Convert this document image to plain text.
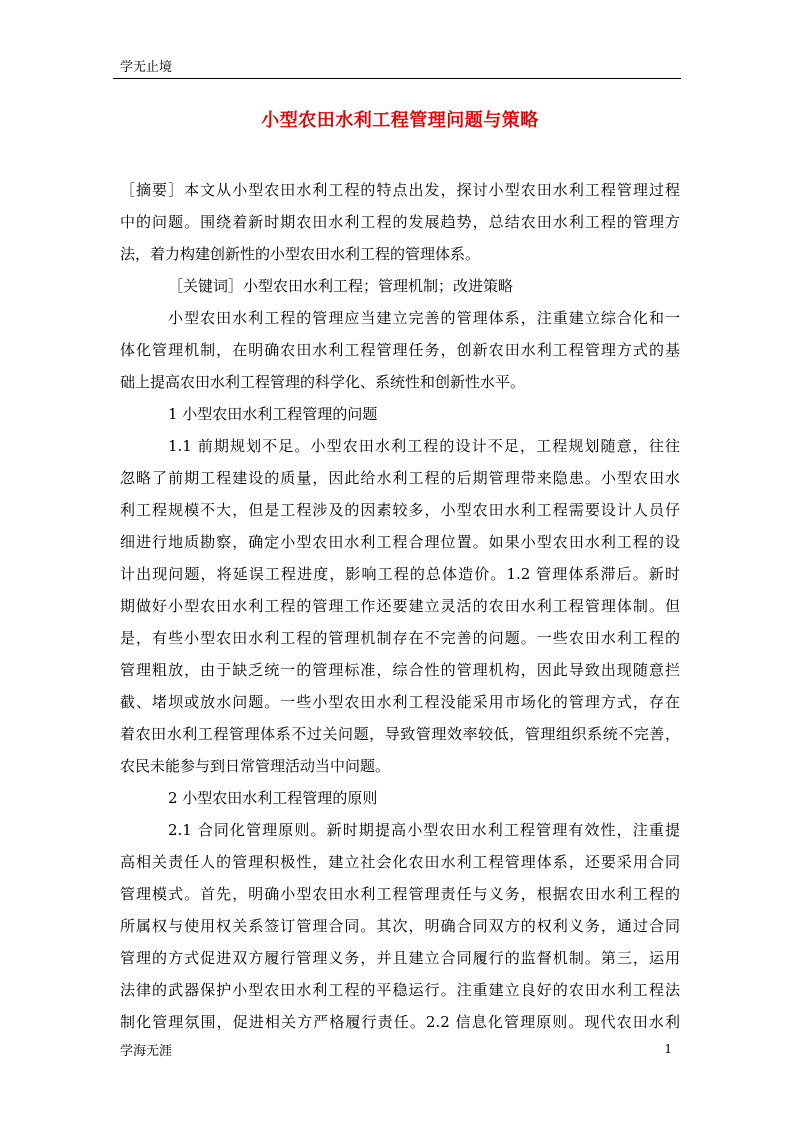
学无止境
小型农田水利工程管理问题与策略
［摘要］本文从小型农田水利工程的特点出发，探讨小型农田水利工程管理过程
中的问题。围绕着新时期农田水利工程的发展趋势，总结农田水利工程的管理方
法，着力构建创新性的小型农田水利工程的管理体系。
［关键词］小型农田水利工程；管理机制；改进策略
小型农田水利工程的管理应当建立完善的管理体系，注重建立综合化和一
体化管理机制，在明确农田水利工程管理任务，创新农田水利工程管理方式的基
础上提高农田水利工程管理的科学化、系统性和创新性水平。
1 小型农田水利工程管理的问题
1.1 前期规划不足。小型农田水利工程的设计不足，工程规划随意，往往
忽略了前期工程建设的质量，因此给水利工程的后期管理带来隐患。小型农田水
利工程规模不大，但是工程涉及的因素较多，小型农田水利工程需要设计人员仔
细进行地质勘察，确定小型农田水利工程合理位置。如果小型农田水利工程的设
计出现问题，将延误工程进度，影响工程的总体造价。1.2 管理体系滞后。新时
期做好小型农田水利工程的管理工作还要建立灵活的农田水利工程管理体制。但
是，有些小型农田水利工程的管理机制存在不完善的问题。一些农田水利工程的
管理粗放，由于缺乏统一的管理标准，综合性的管理机构，因此导致出现随意拦
截、堵坝或放水问题。一些小型农田水利工程没能采用市场化的管理方式，存在
着农田水利工程管理体系不过关问题，导致管理效率较低，管理组织系统不完善，
农民未能参与到日常管理活动当中问题。
2 小型农田水利工程管理的原则
2.1 合同化管理原则。新时期提高小型农田水利工程管理有效性，注重提
高相关责任人的管理积极性，建立社会化农田水利工程管理体系，还要采用合同
管理模式。首先，明确小型农田水利工程管理责任与义务，根据农田水利工程的
所属权与使用权关系签订管理合同。其次，明确合同双方的权利义务，通过合同
管理的方式促进双方履行管理义务，并且建立合同履行的监督机制。第三，运用
法律的武器保护小型农田水利工程的平稳运行。注重建立良好的农田水利工程法
制化管理氛围，促进相关方严格履行责任。2.2 信息化管理原则。现代农田水利
学海无涯	1
